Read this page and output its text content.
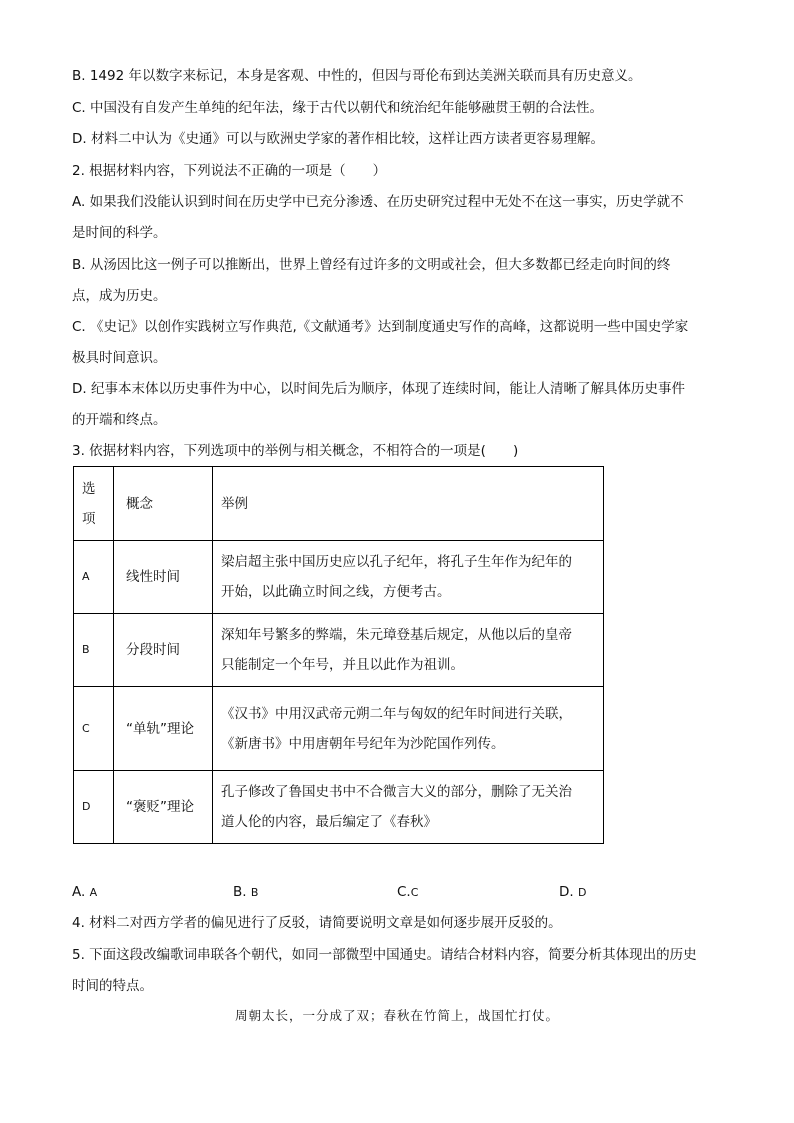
B. 1492 年以数字来标记，本身是客观、中性的，但因与哥伦布到达美洲关联而具有历史意义。
C. 中国没有自发产生单纯的纪年法，缘于古代以朝代和统治纪年能够融贯王朝的合法性。
D. 材料二中认为《史通》可以与欧洲史学家的著作相比较，这样让西方读者更容易理解。
2. 根据材料内容，下列说法不正确的一项是（　　）
A. 如果我们没能认识到时间在历史学中已充分渗透、在历史研究过程中无处不在这一事实，历史学就不
是时间的科学。
B. 从汤因比这一例子可以推断出，世界上曾经有过许多的文明或社会，但大多数都已经走向时间的终
点，成为历史。
C. 《史记》以创作实践树立写作典范,《文献通考》达到制度通史写作的高峰，这都说明一些中国史学家
极具时间意识。
D. 纪事本末体以历史事件为中心，以时间先后为顺序，体现了连续时间，能让人清晰了解具体历史事件
的开端和终点。
3. 依据材料内容，下列选项中的举例与相关概念，不相符合的一项是(　　)
选项	概念	举例
A	线性时间	梁启超主张中国历史应以孔子纪年，将孔子生年作为纪年的
开始，以此确立时间之线，方便考古。

B	分段时间	深知年号繁多的弊端，朱元璋登基后规定，从他以后的皇帝
只能制定一个年号，并且以此作为祖训。

C	“单轨”理论	《汉书》中用汉武帝元朔二年与匈奴的纪年时间进行关联，
《新唐书》中用唐朝年号纪年为沙陀国作列传。

D	“褒贬”理论	孔子修改了鲁国史书中不合微言大义的部分，删除了无关治
道人伦的内容，最后编定了《春秋》
A. A	B. B	C.C	D. D
4. 材料二对西方学者的偏见进行了反驳，请简要说明文章是如何逐步展开反驳的。
5. 下面这段改编歌词串联各个朝代，如同一部微型中国通史。请结合材料内容，简要分析其体现出的历史
时间的特点。
周朝太长，一分成了双；春秋在竹简上，战国忙打仗。
